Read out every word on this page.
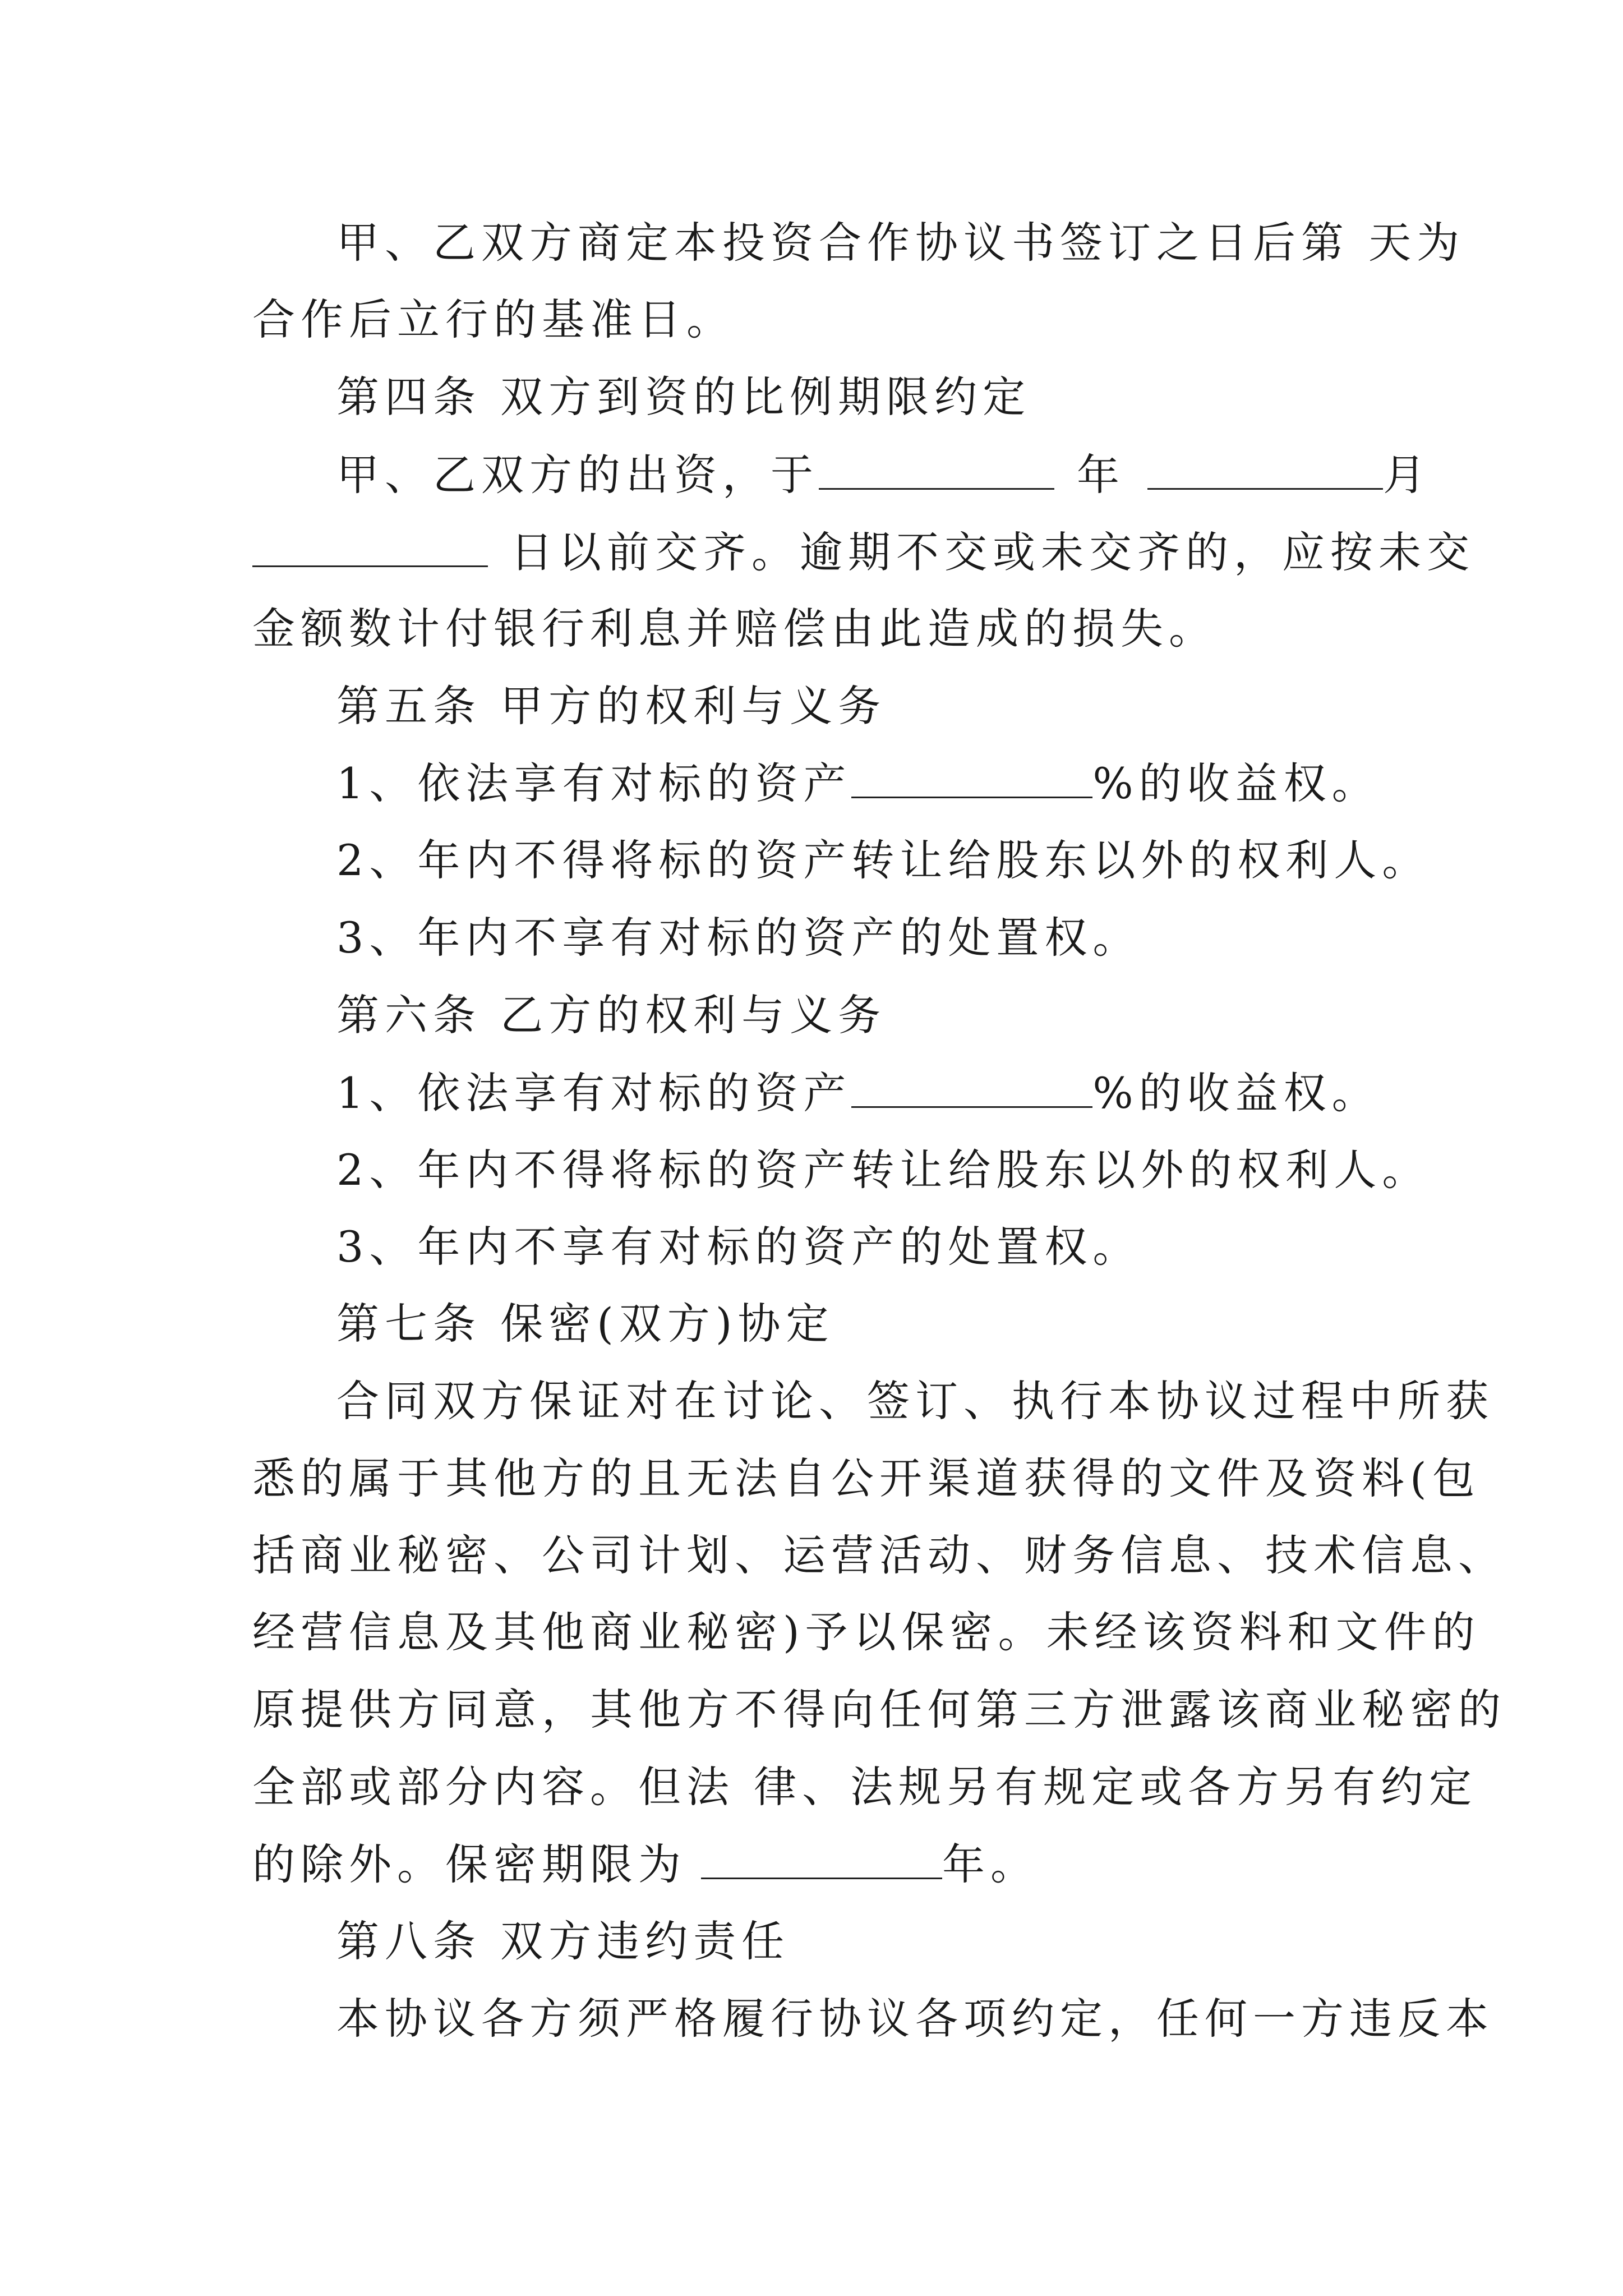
甲、乙双方商定本投资合作协议书签订之日后第 天为
合作后立行的基准日。
第四条 双方到资的比例期限约定
甲、乙双方的出资，于	年	月
日以前交齐。逾期不交或未交齐的，应按未交
金额数计付银行利息并赔偿由此造成的损失。
第五条 甲方的权利与义务
1、依法享有对标的资产	%的收益权。
2、年内不得将标的资产转让给股东以外的权利人。
3、年内不享有对标的资产的处置权。
第六条 乙方的权利与义务
1、依法享有对标的资产	%的收益权。
2、年内不得将标的资产转让给股东以外的权利人。
3、年内不享有对标的资产的处置权。
第七条 保密(双方)协定
合同双方保证对在讨论、签订、执行本协议过程中所获
悉的属于其他方的且无法自公开渠道获得的文件及资料(包
括商业秘密、公司计划、运营活动、财务信息、技术信息、
经营信息及其他商业秘密)予以保密。未经该资料和文件的
原提供方同意，其他方不得向任何第三方泄露该商业秘密的
全部或部分内容。但法 律、法规另有规定或各方另有约定
的除外。保密期限为	年。
第八条 双方违约责任
本协议各方须严格履行协议各项约定，任何一方违反本
